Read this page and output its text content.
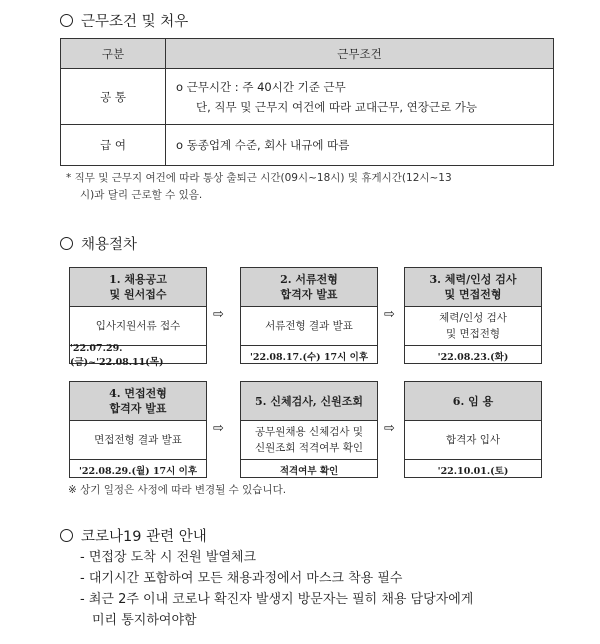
근무조건 및 처우
구분	근무조건
공 통	o 근무시간 : 주 40시간 기준 근무
단, 직무 및 근무지 여건에 따라 교대근무, 연장근로 가능

급 여	o 동종업계 수준, 회사 내규에 따름
* 직무 및 근무지 여건에 따라 통상 출퇴근 시간(09시~18시) 및 휴게시간(12시~13
시)과 달리 근로할 수 있음.
채용절차
1. 채용공고
및 원서접수
입사지원서류 접수
'22.07.29.(금)~'22.08.11(목)
⇨
2. 서류전형
합격자 발표
서류전형 결과 발표
'22.08.17.(수) 17시 이후
⇨
3. 체력/인성 검사
및 면접전형
체력/인성 검사
및 면접전형
'22.08.23.(화)
4. 면접전형
합격자 발표
면접전형 결과 발표
'22.08.29.(월) 17시 이후
⇨
5. 신체검사, 신원조회
공무원채용 신체검사 및
신원조회 적격여부 확인
적격여부 확인
⇨
6. 임 용
합격자 입사
'22.10.01.(토)
※ 상기 일정은 사정에 따라 변경될 수 있습니다.
코로나19 관련 안내
- 면접장 도착 시 전원 발열체크
- 대기시간 포함하여 모든 채용과정에서 마스크 착용 필수
- 최근 2주 이내 코로나 확진자 발생지 방문자는 필히 채용 담당자에게
미리 통지하여야함
